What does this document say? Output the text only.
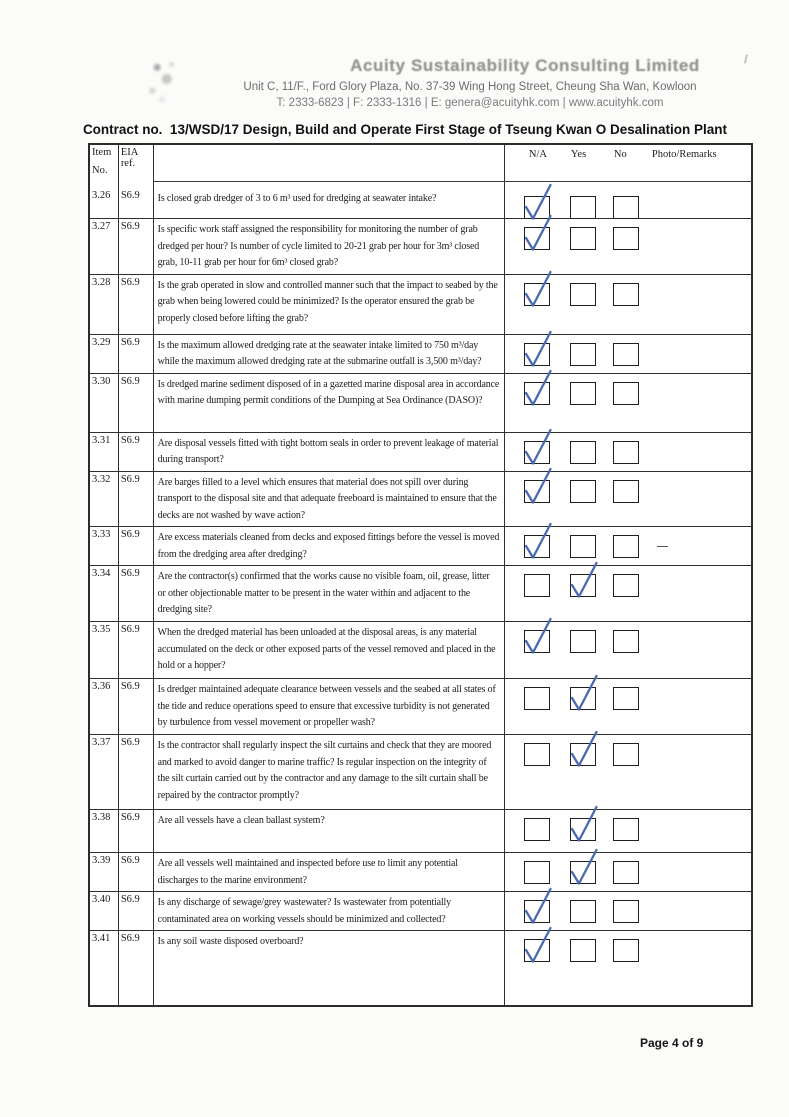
Acuity Sustainability Consulting Limited
Unit C, 11/F., Ford Glory Plaza, No. 37-39 Wing Hong Street, Cheung Sha Wan, Kowloon
T: 2333-6823 | F: 2333-1316 | E: genera@acuityhk.com | www.acuityhk.com
Contract no.  13/WSD/17 Design, Build and Operate First Stage of Tseung Kwan O Desalination Plant
Item
No.
EIA ref.
N/A Yes	No Photo/Remarks
3.26 S6.9	Is closed grab dredger of 3 to 6 m³ used for dredging at seawater intake?
3.27 S6.9	Is specific work staff assigned the responsibility for monitoring the number of grab dredged per hour? Is number of cycle limited to 20-21 grab per hour for 3m³ closed grab, 10-11 grab per hour for 6m³ closed grab?
3.28 S6.9	Is the grab operated in slow and controlled manner such that the impact to seabed by the grab when being lowered could be minimized? Is the operator ensured the grab be properly closed before lifting the grab?
3.29 S6.9	Is the maximum allowed dredging rate at the seawater intake limited to 750 m³/day while the maximum allowed dredging rate at the submarine outfall is 3,500 m³/day?
3.30 S6.9	Is dredged marine sediment disposed of in a gazetted marine disposal area in accordance with marine dumping permit conditions of the Dumping at Sea Ordinance (DASO)?
3.31 S6.9	Are disposal vessels fitted with tight bottom seals in order to prevent leakage of material during transport?
3.32 S6.9	Are barges filled to a level which ensures that material does not spill over during transport to the disposal site and that adequate freeboard is maintained to ensure that the decks are not washed by wave action?
3.33 S6.9	Are excess materials cleaned from decks and exposed fittings before the vessel is moved from the dredging area after dredging?
3.34 S6.9	Are the contractor(s) confirmed that the works cause no visible foam, oil, grease, litter or other objectionable matter to be present in the water within and adjacent to the dredging site?
3.35 S6.9	When the dredged material has been unloaded at the disposal areas, is any material accumulated on the deck or other exposed parts of the vessel removed and placed in the hold or a hopper?
3.36 S6.9	Is dredger maintained adequate clearance between vessels and the seabed at all states of the tide and reduce operations speed to ensure that excessive turbidity is not generated by turbulence from vessel movement or propeller wash?
3.37 S6.9	Is the contractor shall regularly inspect the silt curtains and check that they are moored and marked to avoid danger to marine traffic? Is regular inspection on the integrity of the silt curtain carried out by the contractor and any damage to the silt curtain shall be repaired by the contractor promptly?
3.38 S6.9	Are all vessels have a clean ballast system?
3.39 S6.9	Are all vessels well maintained and inspected before use to limit any potential discharges to the marine environment?
3.40 S6.9	Is any discharge of sewage/grey wastewater? Is wastewater from potentially contaminated area on working vessels should be minimized and collected?
3.41 S6.9	Is any soil waste disposed overboard?
Page 4 of 9
